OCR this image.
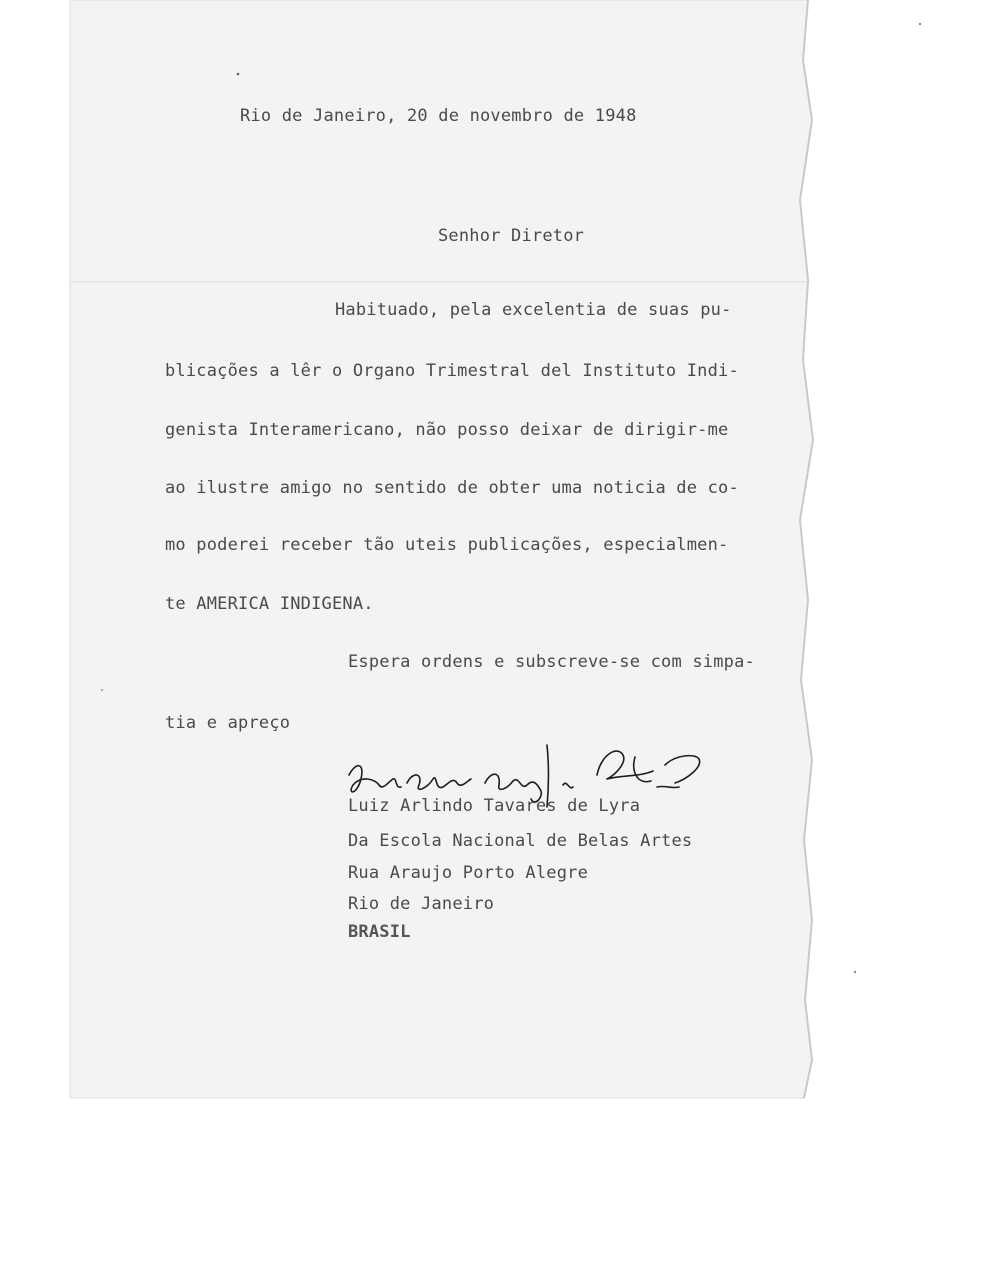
Rio de Janeiro, 20 de novembro de 1948

Senhor Diretor

Habituado, pela excelentia de suas pu-

blicações a lêr o Organo Trimestral del Instituto Indi-

genista Interamericano, não posso deixar de dirigir-me

ao ilustre amigo no sentido de obter uma noticia de co-

mo poderei receber tão uteis publicações, especialmen-

te AMERICA INDIGENA.

Espera ordens e subscreve-se com simpa-

tia e apreço

Luiz Arlindo Tavares de Lyra

Da Escola Nacional de Belas Artes

Rua Araujo Porto Alegre

Rio de Janeiro

BRASIL
